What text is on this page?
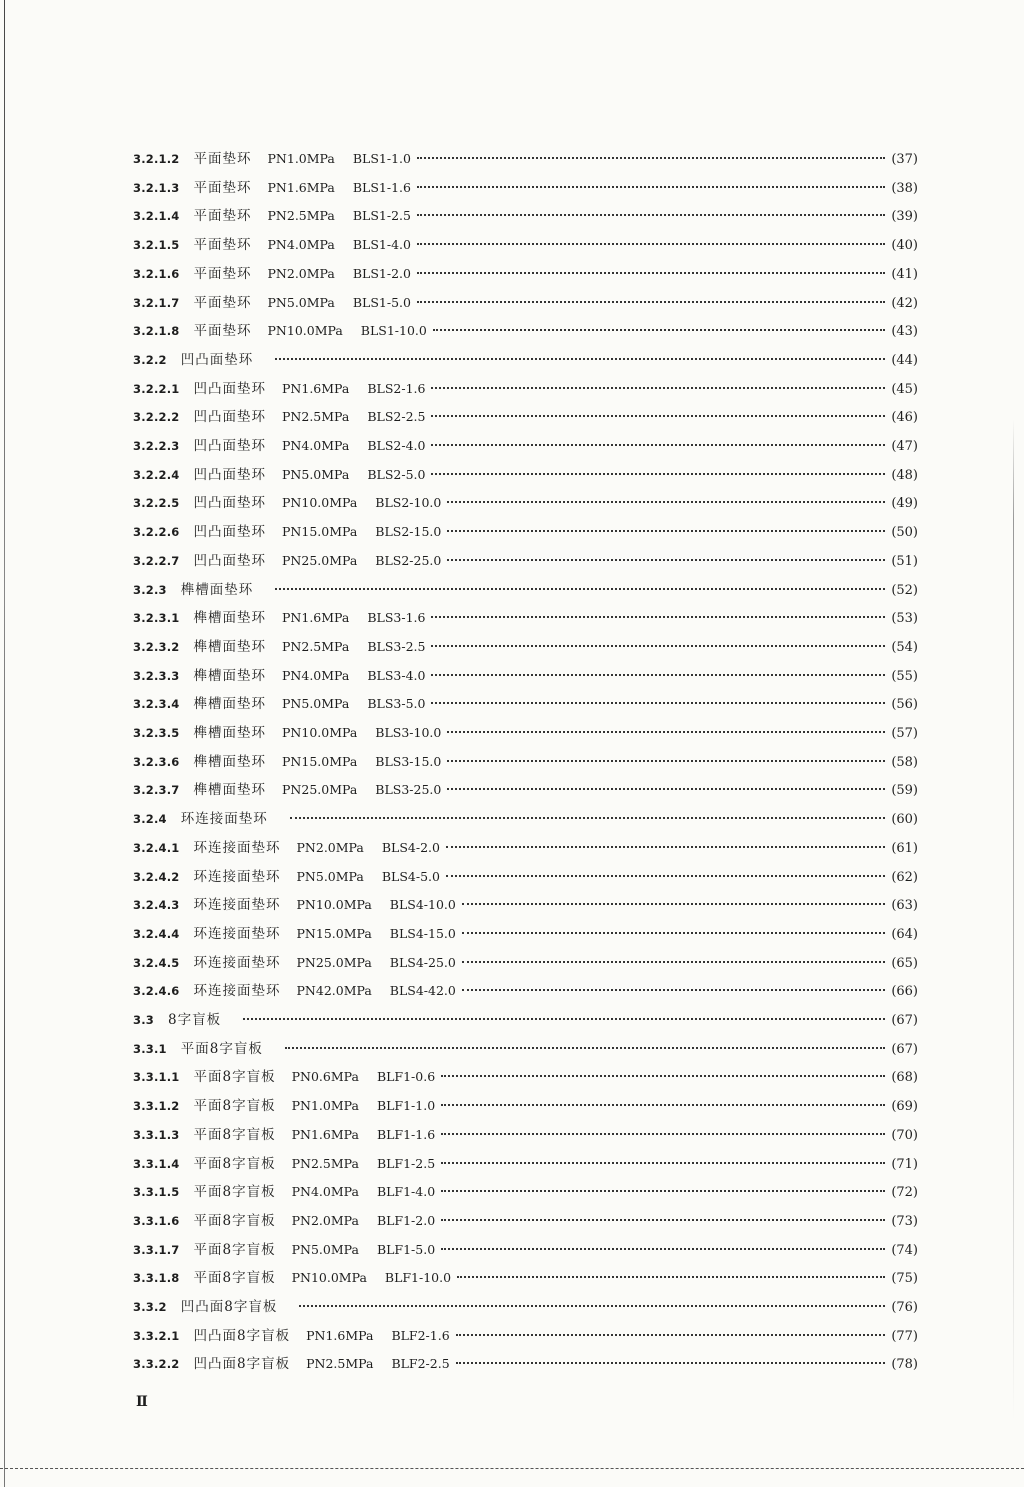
3.2.1.2 平面垫环 PN1.0MPa BLS1-1.0	(37)
3.2.1.3 平面垫环 PN1.6MPa BLS1-1.6	(38)
3.2.1.4 平面垫环 PN2.5MPa BLS1-2.5	(39)
3.2.1.5 平面垫环 PN4.0MPa BLS1-4.0	(40)
3.2.1.6 平面垫环 PN2.0MPa BLS1-2.0	(41)
3.2.1.7 平面垫环 PN5.0MPa BLS1-5.0	(42)
3.2.1.8 平面垫环 PN10.0MPa BLS1-10.0	(43)
3.2.2 凹凸面垫环	(44)
3.2.2.1 凹凸面垫环 PN1.6MPa BLS2-1.6	(45)
3.2.2.2 凹凸面垫环 PN2.5MPa BLS2-2.5	(46)
3.2.2.3 凹凸面垫环 PN4.0MPa BLS2-4.0	(47)
3.2.2.4 凹凸面垫环 PN5.0MPa BLS2-5.0	(48)
3.2.2.5 凹凸面垫环 PN10.0MPa BLS2-10.0	(49)
3.2.2.6 凹凸面垫环 PN15.0MPa BLS2-15.0	(50)
3.2.2.7 凹凸面垫环 PN25.0MPa BLS2-25.0	(51)
3.2.3 榫槽面垫环	(52)
3.2.3.1 榫槽面垫环 PN1.6MPa BLS3-1.6	(53)
3.2.3.2 榫槽面垫环 PN2.5MPa BLS3-2.5	(54)
3.2.3.3 榫槽面垫环 PN4.0MPa BLS3-4.0	(55)
3.2.3.4 榫槽面垫环 PN5.0MPa BLS3-5.0	(56)
3.2.3.5 榫槽面垫环 PN10.0MPa BLS3-10.0	(57)
3.2.3.6 榫槽面垫环 PN15.0MPa BLS3-15.0	(58)
3.2.3.7 榫槽面垫环 PN25.0MPa BLS3-25.0	(59)
3.2.4 环连接面垫环	(60)
3.2.4.1 环连接面垫环 PN2.0MPa BLS4-2.0	(61)
3.2.4.2 环连接面垫环 PN5.0MPa BLS4-5.0	(62)
3.2.4.3 环连接面垫环 PN10.0MPa BLS4-10.0	(63)
3.2.4.4 环连接面垫环 PN15.0MPa BLS4-15.0	(64)
3.2.4.5 环连接面垫环 PN25.0MPa BLS4-25.0	(65)
3.2.4.6 环连接面垫环 PN42.0MPa BLS4-42.0	(66)
3.3 8字盲板	(67)
3.3.1 平面8字盲板	(67)
3.3.1.1 平面8字盲板 PN0.6MPa BLF1-0.6	(68)
3.3.1.2 平面8字盲板 PN1.0MPa BLF1-1.0	(69)
3.3.1.3 平面8字盲板 PN1.6MPa BLF1-1.6	(70)
3.3.1.4 平面8字盲板 PN2.5MPa BLF1-2.5	(71)
3.3.1.5 平面8字盲板 PN4.0MPa BLF1-4.0	(72)
3.3.1.6 平面8字盲板 PN2.0MPa BLF1-2.0	(73)
3.3.1.7 平面8字盲板 PN5.0MPa BLF1-5.0	(74)
3.3.1.8 平面8字盲板 PN10.0MPa BLF1-10.0	(75)
3.3.2 凹凸面8字盲板	(76)
3.3.2.1 凹凸面8字盲板 PN1.6MPa BLF2-1.6	(77)
3.3.2.2 凹凸面8字盲板 PN2.5MPa BLF2-2.5	(78)
Ⅱ
